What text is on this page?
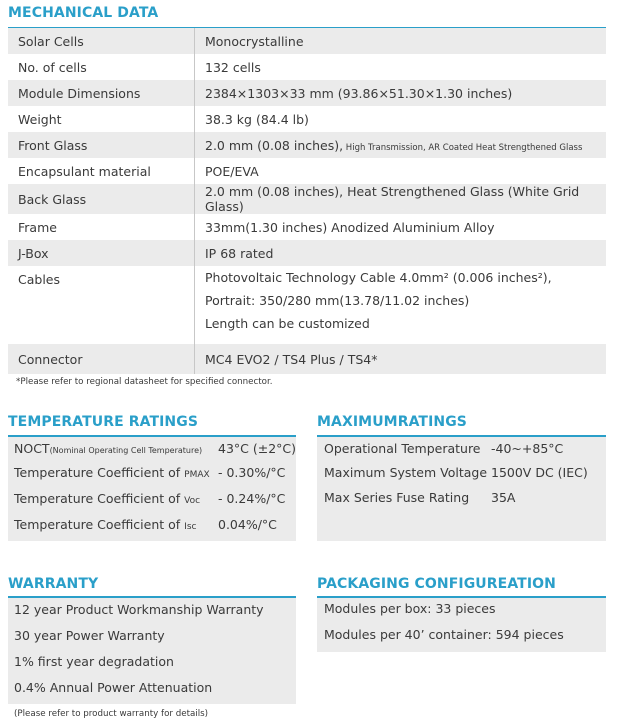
MECHANICAL DATA
Solar Cells	Monocrystalline
No. of cells	132 cells
Module Dimensions	2384×1303×33 mm (93.86×51.30×1.30 inches)
Weight	38.3 kg (84.4 lb)
Front Glass	2.0 mm (0.08 inches), High Transmission, AR Coated Heat Strengthened Glass
Encapsulant material	POE/EVA
Back Glass	2.0 mm (0.08 inches), Heat Strengthened Glass (White Grid Glass)
Frame	33mm(1.30 inches) Anodized Aluminium Alloy
J-Box	IP 68 rated
Cables	Photovoltaic Technology Cable 4.0mm² (0.006 inches²),
Portrait: 350/280 mm(13.78/11.02 inches)
Length can be customized

Connector	MC4 EVO2 / TS4 Plus / TS4*
*Please refer to regional datasheet for specified connector.
TEMPERATURE RATINGS
NOCT(Nominal Operating Cell Temperature) 43°C (±2°C)
Temperature Coefficient of PMAX - 0.30%/°C
Temperature Coefficient of Voc - 0.24%/°C
Temperature Coefficient of Isc 0.04%/°C
MAXIMUMRATINGS
Operational Temperature -40~+85°C
Maximum System Voltage 1500V DC (IEC)
Max Series Fuse Rating 35A
WARRANTY
12 year Product Workmanship Warranty
30 year Power Warranty
1% first year degradation
0.4% Annual Power Attenuation
(Please refer to product warranty for details)
PACKAGING CONFIGUREATION
Modules per box: 33 pieces
Modules per 40’ container: 594 pieces
